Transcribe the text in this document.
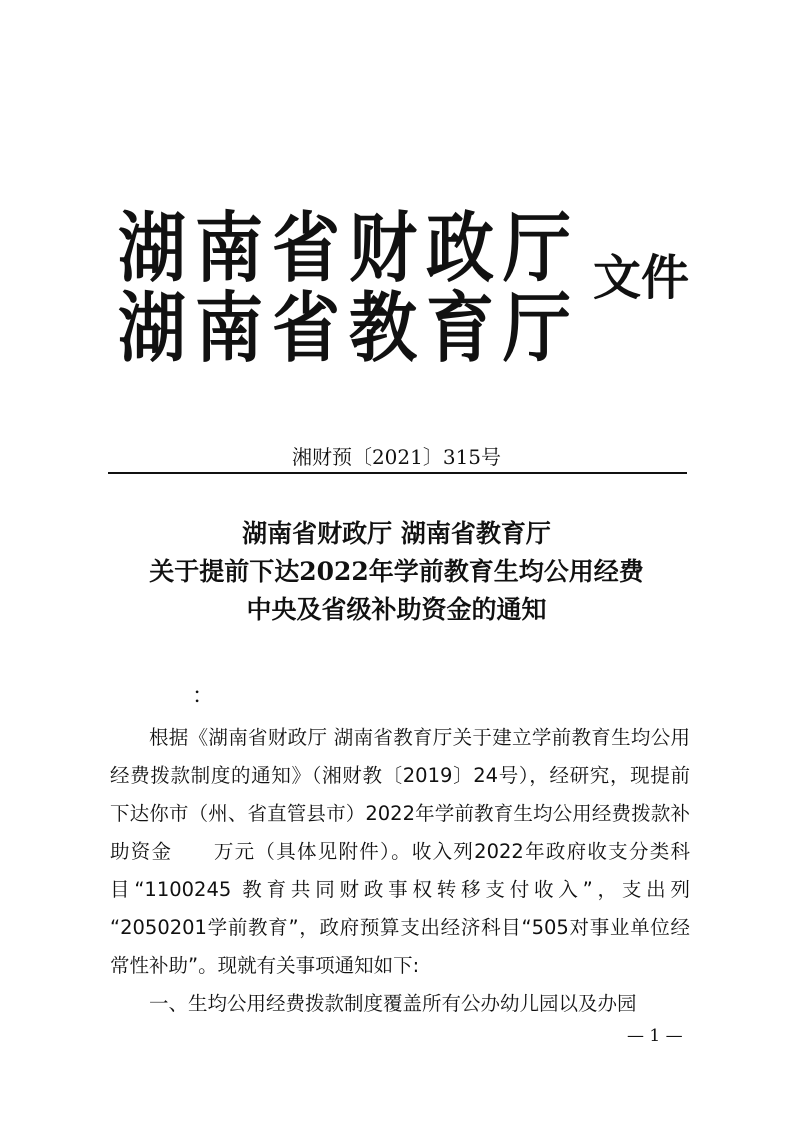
湖南省财政厅
湖南省教育厅
文件
湘财预〔2021〕315号
湖南省财政厅 湖南省教育厅
关于提前下达2022年学前教育生均公用经费
中央及省级补助资金的通知
：

根据《湖南省财政厅 湖南省教育厅关于建立学前教育生均公用经费拨款制度的通知》（湘财教〔2019〕24号），经研究，现提前下达你市（州、省直管县市）2022年学前教育生均公用经费拨款补助资金　　万元（具体见附件）。收入列2022年政府收支分类科目“1100245 教育共同财政事权转移支付收入”，支出列 “2050201学前教育”，政府预算支出经济科目“505对事业单位经常性补助”。现就有关事项通知如下:

一、生均公用经费拨款制度覆盖所有公办幼儿园以及办园

— 1 —
